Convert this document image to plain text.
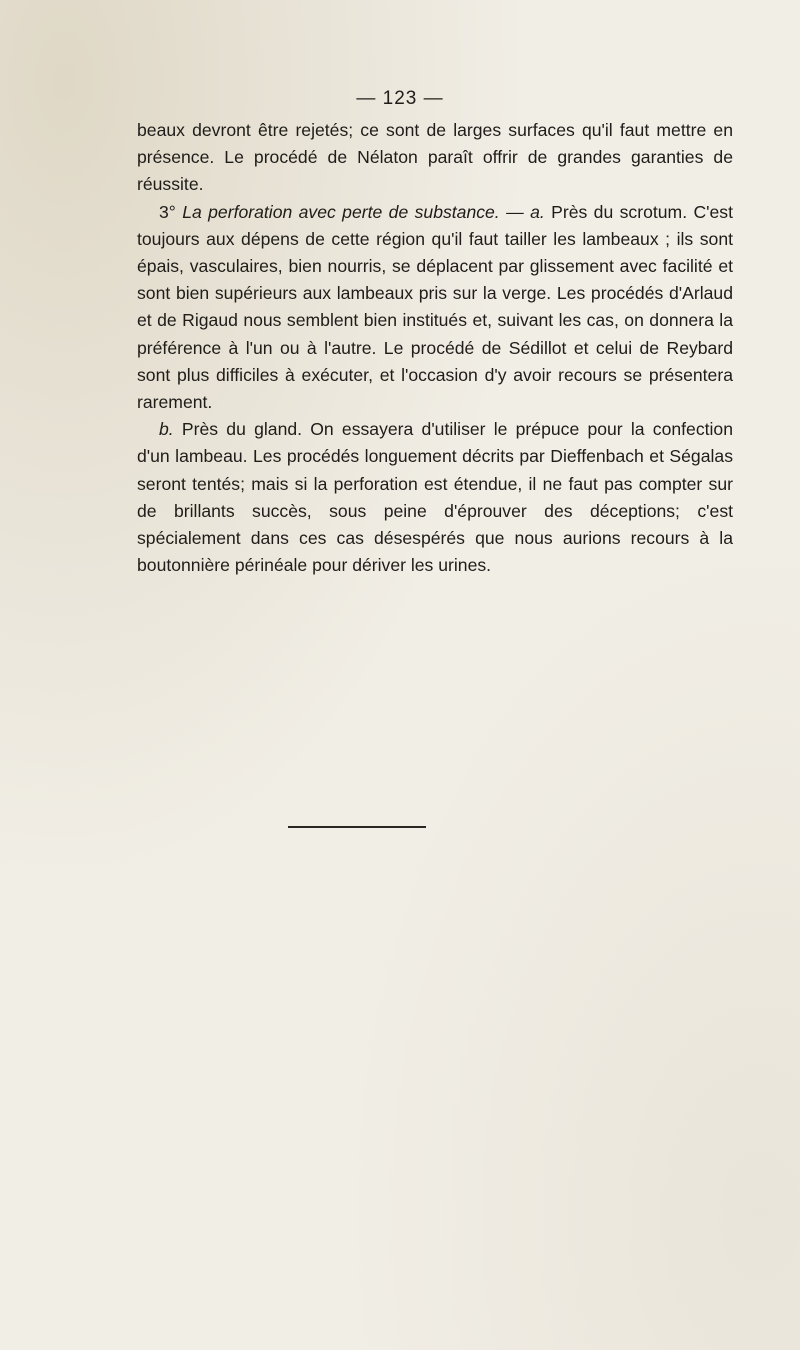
— 123 —

beaux devront être rejetés; ce sont de larges surfaces qu'il faut mettre en présence. Le procédé de Nélaton paraît offrir de grandes garanties de réussite.

3° La perforation avec perte de substance. — a. Près du scrotum. C'est toujours aux dépens de cette région qu'il faut tailler les lambeaux ; ils sont épais, vasculaires, bien nourris, se déplacent par glissement avec facilité et sont bien supérieurs aux lambeaux pris sur la verge. Les procédés d'Arlaud et de Rigaud nous semblent bien institués et, suivant les cas, on donnera la préférence à l'un ou à l'autre. Le procédé de Sédillot et celui de Reybard sont plus difficiles à exécuter, et l'occasion d'y avoir recours se présentera rarement.

b. Près du gland. On essayera d'utiliser le prépuce pour la confection d'un lambeau. Les procédés longuement décrits par Dieffenbach et Ségalas seront tentés; mais si la perforation est étendue, il ne faut pas compter sur de brillants succès, sous peine d'éprouver des déceptions; c'est spécialement dans ces cas désespérés que nous aurions recours à la boutonnière périnéale pour dériver les urines.
